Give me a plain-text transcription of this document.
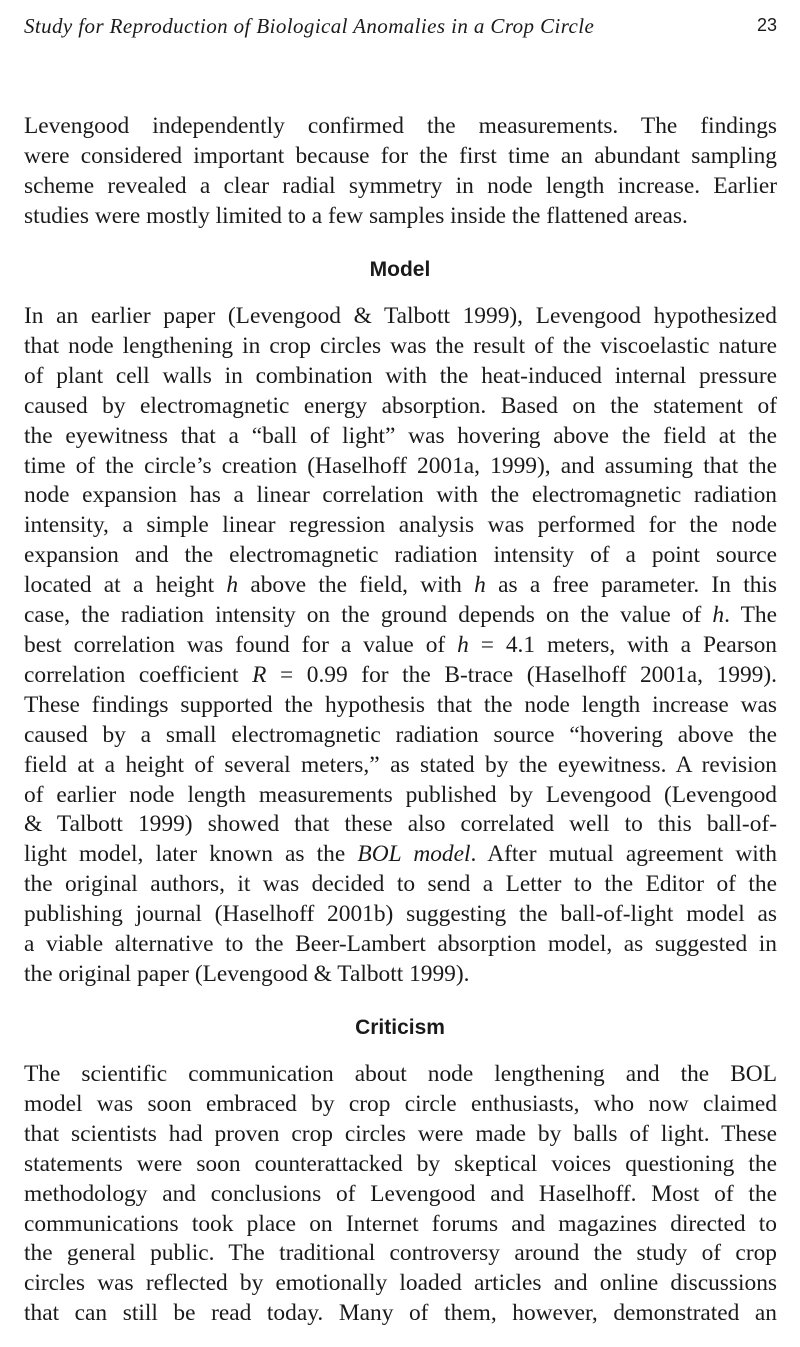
Study for Reproduction of Biological Anomalies in a Crop Circle	23

Levengood independently confirmed the measurements. The findings
were considered important because for the first time an abundant sampling
scheme revealed a clear radial symmetry in node length increase. Earlier
studies were mostly limited to a few samples inside the flattened areas.

Model

In an earlier paper (Levengood & Talbott 1999), Levengood hypothesized
that node lengthening in crop circles was the result of the viscoelastic nature
of plant cell walls in combination with the heat-induced internal pressure
caused by electromagnetic energy absorption. Based on the statement of
the eyewitness that a “ball of light” was hovering above the field at the
time of the circle’s creation (Haselhoff 2001a, 1999), and assuming that the
node expansion has a linear correlation with the electromagnetic radiation
intensity, a simple linear regression analysis was performed for the node
expansion and the electromagnetic radiation intensity of a point source
located at a height h above the field, with h as a free parameter. In this
case, the radiation intensity on the ground depends on the value of h. The
best correlation was found for a value of h = 4.1 meters, with a Pearson
correlation coefficient R = 0.99 for the B-trace (Haselhoff 2001a, 1999).
These findings supported the hypothesis that the node length increase was
caused by a small electromagnetic radiation source “hovering above the
field at a height of several meters,” as stated by the eyewitness. A revision
of earlier node length measurements published by Levengood (Levengood
& Talbott 1999) showed that these also correlated well to this ball-of-
light model, later known as the BOL model. After mutual agreement with
the original authors, it was decided to send a Letter to the Editor of the
publishing journal (Haselhoff 2001b) suggesting the ball-of-light model as
a viable alternative to the Beer-Lambert absorption model, as suggested in
the original paper (Levengood & Talbott 1999).

Criticism

The scientific communication about node lengthening and the BOL
model was soon embraced by crop circle enthusiasts, who now claimed
that scientists had proven crop circles were made by balls of light. These
statements were soon counterattacked by skeptical voices questioning the
methodology and conclusions of Levengood and Haselhoff. Most of the
communications took place on Internet forums and magazines directed to
the general public. The traditional controversy around the study of crop
circles was reflected by emotionally loaded articles and online discussions
that can still be read today. Many of them, however, demonstrated an
